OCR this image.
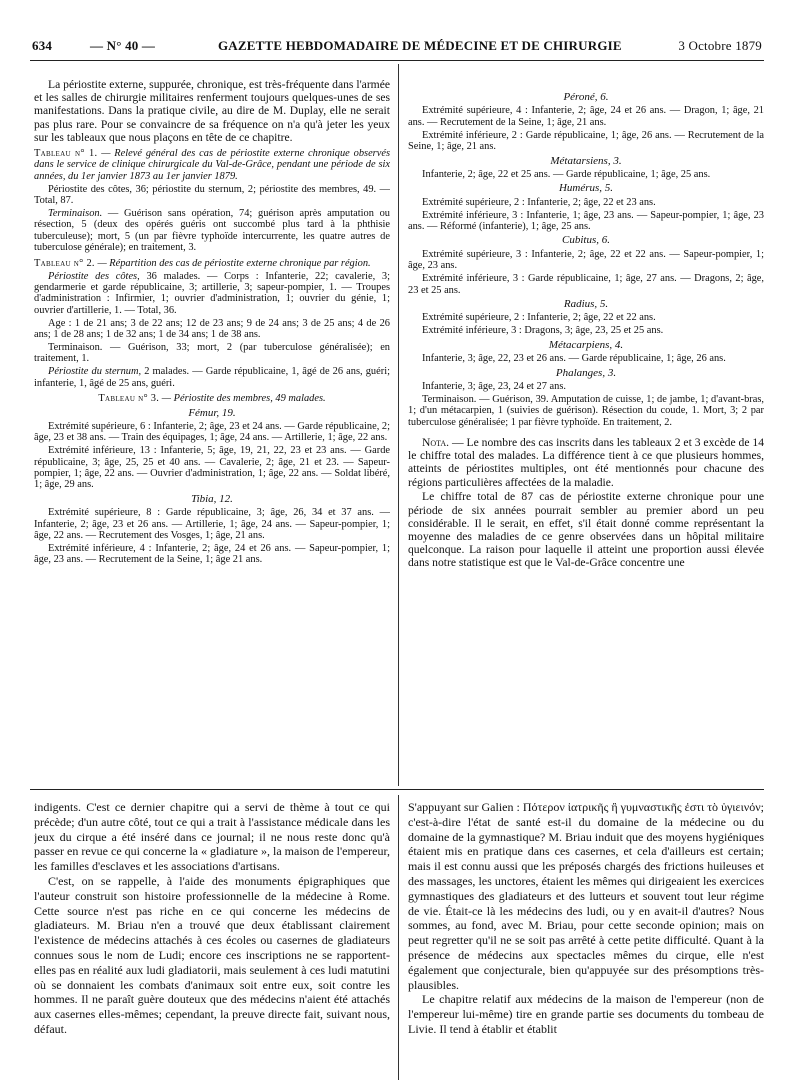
634	— N° 40 —	GAZETTE HEBDOMADAIRE DE MÉDECINE ET DE CHIRURGIE	3 Octobre 1879

La périostite externe, suppurée, chronique, est très-fréquente dans l'armée et les salles de chirurgie militaires renferment toujours quelques-unes de ses manifestations. Dans la pratique civile, au dire de M. Duplay, elle ne serait pas plus rare. Pour se convaincre de sa fréquence on n'a qu'à jeter les yeux sur les tableaux que nous plaçons en tête de ce chapitre.

Tableau n° 1. — Relevé général des cas de périostite externe chronique observés dans le service de clinique chirurgicale du Val-de-Grâce, pendant une période de six années, du 1er janvier 1873 au 1er janvier 1879.

Périostite des côtes, 36; périostite du sternum, 2; périostite des membres, 49. — Total, 87.

Terminaison. — Guérison sans opération, 74; guérison après amputation ou résection, 5 (deux des opérés guéris ont succombé plus tard à la phthisie tuberculeuse); mort, 5 (un par fièvre typhoïde intercurrente, les quatre autres de tuberculose générale); en traitement, 3.

Tableau n° 2. — Répartition des cas de périostite externe chronique par région.

Périostite des côtes, 36 malades. — Corps : Infanterie, 22; cavalerie, 3; gendarmerie et garde républicaine, 3; artillerie, 3; sapeur-pompier, 1. — Troupes d'administration : Infirmier, 1; ouvrier d'administration, 1; ouvrier du génie, 1; ouvrier d'artillerie, 1. — Total, 36.

Age : 1 de 21 ans; 3 de 22 ans; 12 de 23 ans; 9 de 24 ans; 3 de 25 ans; 4 de 26 ans; 1 de 28 ans; 1 de 32 ans; 1 de 34 ans; 1 de 38 ans.

Terminaison. — Guérison, 33; mort, 2 (par tuberculose généralisée); en traitement, 1.

Périostite du sternum, 2 malades. — Garde républicaine, 1, âgé de 26 ans, guéri; infanterie, 1, âgé de 25 ans, guéri.

Tableau n° 3. — Périostite des membres, 49 malades.

Fémur, 19.

Extrémité supérieure, 6 : Infanterie, 2; âge, 23 et 24 ans. — Garde républicaine, 2; âge, 23 et 38 ans. — Train des équipages, 1; âge, 24 ans. — Artillerie, 1; âge, 22 ans.

Extrémité inférieure, 13 : Infanterie, 5; âge, 19, 21, 22, 23 et 23 ans. — Garde républicaine, 3; âge, 25, 25 et 40 ans. — Cavalerie, 2; âge, 21 et 23. — Sapeur-pompier, 1; âge, 22 ans. — Ouvrier d'administration, 1; âge, 22 ans. — Soldat libéré, 1; âge, 29 ans.

Tibia, 12.

Extrémité supérieure, 8 : Garde républicaine, 3; âge, 26, 34 et 37 ans. — Infanterie, 2; âge, 23 et 26 ans. — Artillerie, 1; âge, 24 ans. — Sapeur-pompier, 1; âge, 22 ans. — Recrutement des Vosges, 1; âge, 21 ans.

Extrémité inférieure, 4 : Infanterie, 2; âge, 24 et 26 ans. — Sapeur-pompier, 1; âge, 23 ans. — Recrutement de la Seine, 1; âge 21 ans.

Péroné, 6.

Extrémité supérieure, 4 : Infanterie, 2; âge, 24 et 26 ans. — Dragon, 1; âge, 21 ans. — Recrutement de la Seine, 1; âge, 21 ans.

Extrémité inférieure, 2 : Garde républicaine, 1; âge, 26 ans. — Recrutement de la Seine, 1; âge, 21 ans.

Métatarsiens, 3.

Infanterie, 2; âge, 22 et 25 ans. — Garde républicaine, 1; âge, 25 ans.

Humérus, 5.

Extrémité supérieure, 2 : Infanterie, 2; âge, 22 et 23 ans.

Extrémité inférieure, 3 : Infanterie, 1; âge, 23 ans. — Sapeur-pompier, 1; âge, 23 ans. — Réformé (infanterie), 1; âge, 25 ans.

Cubitus, 6.

Extrémité supérieure, 3 : Infanterie, 2; âge, 22 et 22 ans. — Sapeur-pompier, 1; âge, 23 ans.

Extrémité inférieure, 3 : Garde républicaine, 1; âge, 27 ans. — Dragons, 2; âge, 23 et 25 ans.

Radius, 5.

Extrémité supérieure, 2 : Infanterie, 2; âge, 22 et 22 ans.

Extrémité inférieure, 3 : Dragons, 3; âge, 23, 25 et 25 ans.

Métacarpiens, 4.

Infanterie, 3; âge, 22, 23 et 26 ans. — Garde républicaine, 1; âge, 26 ans.

Phalanges, 3.

Infanterie, 3; âge, 23, 24 et 27 ans.

Terminaison. — Guérison, 39. Amputation de cuisse, 1; de jambe, 1; d'avant-bras, 1; d'un métacarpien, 1 (suivies de guérison). Résection du coude, 1. Mort, 3; 2 par tuberculose généralisée; 1 par fièvre typhoïde. En traitement, 2.

Nota. — Le nombre des cas inscrits dans les tableaux 2 et 3 excède de 14 le chiffre total des malades. La différence tient à ce que plusieurs hommes, atteints de périostites multiples, ont été mentionnés pour chacune des régions particulières affectées de la maladie.

Le chiffre total de 87 cas de périostite externe chronique pour une période de six années pourrait sembler au premier abord un peu considérable. Il le serait, en effet, s'il était donné comme représentant la moyenne des maladies de ce genre observées dans un hôpital militaire quelconque. La raison pour laquelle il atteint une proportion aussi élevée dans notre statistique est que le Val-de-Grâce concentre une

indigents. C'est ce dernier chapitre qui a servi de thème à tout ce qui précède; d'un autre côté, tout ce qui a trait à l'assistance médicale dans les jeux du cirque a été inséré dans ce journal; il ne nous reste donc qu'à passer en revue ce qui concerne la « gladiature », la maison de l'empereur, les familles d'esclaves et les associations d'artisans.

C'est, on se rappelle, à l'aide des monuments épigraphiques que l'auteur construit son histoire professionnelle de la médecine à Rome. Cette source n'est pas riche en ce qui concerne les médecins de gladiateurs. M. Briau n'en a trouvé que deux établissant clairement l'existence de médecins attachés à ces écoles ou casernes de gladiateurs connues sous le nom de Ludi; encore ces inscriptions ne se rapportent-elles pas en réalité aux ludi gladiatorii, mais seulement à ces ludi matutini où se donnaient les combats d'animaux soit entre eux, soit contre les hommes. Il ne paraît guère douteux que des médecins n'aient été attachés aux casernes elles-mêmes; cependant, la preuve directe fait, suivant nous, défaut.

S'appuyant sur Galien : Πότερον ἰατρικῆς ἢ γυμναστικῆς ἐστι τὸ ὑγιεινόν; c'est-à-dire l'état de santé est-il du domaine de la médecine ou du domaine de la gymnastique? M. Briau induit que des moyens hygiéniques étaient mis en pratique dans ces casernes, et cela d'ailleurs est certain; mais il est connu aussi que les préposés chargés des frictions huileuses et des massages, les unctores, étaient les mêmes qui dirigeaient les exercices gymnastiques des gladiateurs et des lutteurs et souvent tout leur régime de vie. Était-ce là les médecins des ludi, ou y en avait-il d'autres? Nous sommes, au fond, avec M. Briau, pour cette seconde opinion; mais on peut regretter qu'il ne se soit pas arrêté à cette petite difficulté. Quant à la présence de médecins aux spectacles mêmes du cirque, elle n'est également que conjecturale, bien qu'appuyée sur des présomptions très-plausibles.

Le chapitre relatif aux médecins de la maison de l'empereur (non de l'empereur lui-même) tire en grande partie ses documents du tombeau de Livie. Il tend à établir et établit
